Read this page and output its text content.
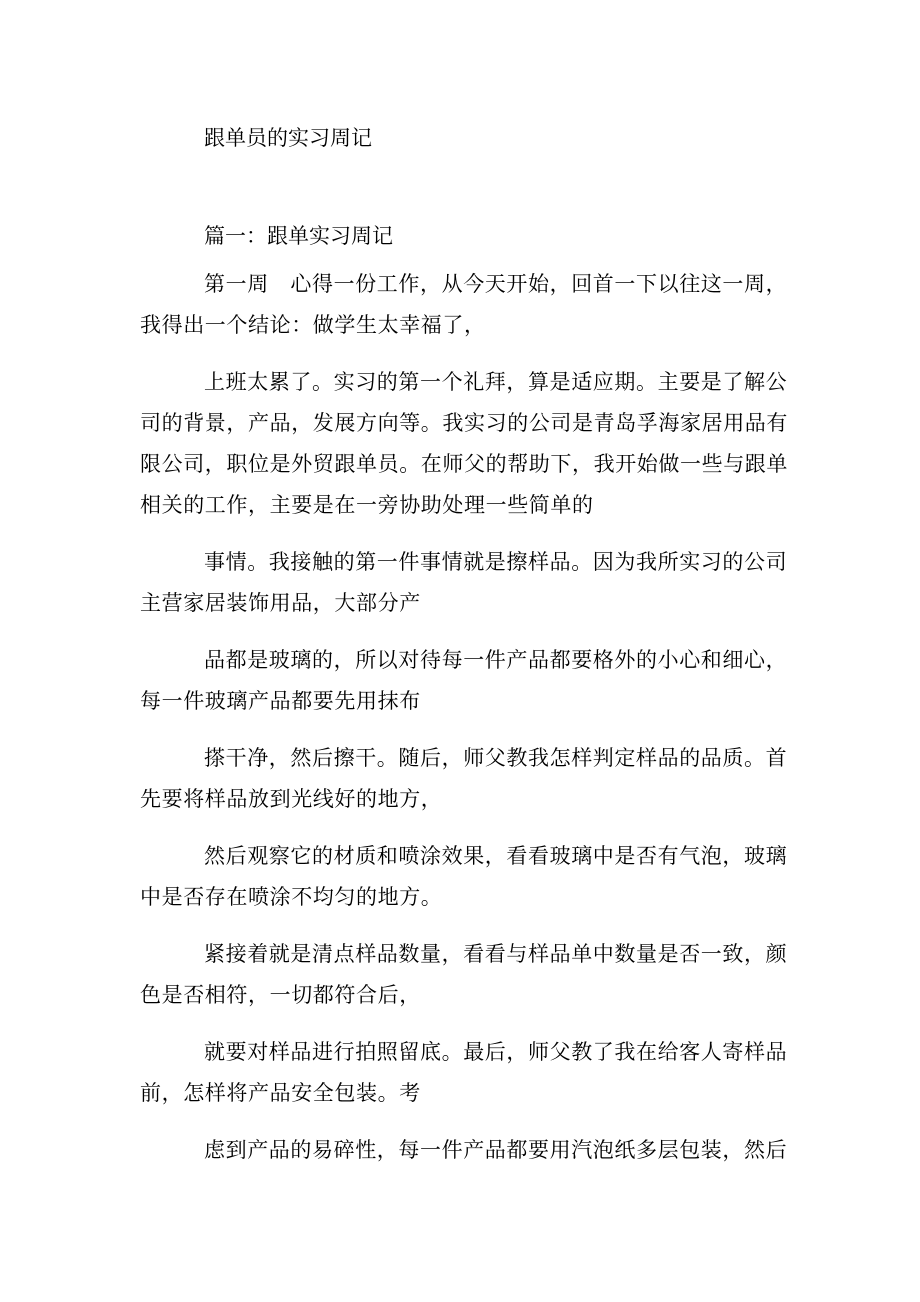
跟单员的实习周记
篇一：跟单实习周记

第一周　心得一份工作，从今天开始，回首一下以往这一周，
我得出一个结论：做学生太幸福了，

上班太累了。实习的第一个礼拜，算是适应期。主要是了解公
司的背景，产品，发展方向等。我实习的公司是青岛孚海家居用品有
限公司，职位是外贸跟单员。在师父的帮助下，我开始做一些与跟单
相关的工作，主要是在一旁协助处理一些简单的

事情。我接触的第一件事情就是擦样品。因为我所实习的公司
主营家居装饰用品，大部分产

品都是玻璃的，所以对待每一件产品都要格外的小心和细心，
每一件玻璃产品都要先用抹布

搽干净，然后擦干。随后，师父教我怎样判定样品的品质。首
先要将样品放到光线好的地方，

然后观察它的材质和喷涂效果，看看玻璃中是否有气泡，玻璃
中是否存在喷涂不均匀的地方。

紧接着就是清点样品数量，看看与样品单中数量是否一致，颜
色是否相符，一切都符合后，

就要对样品进行拍照留底。最后，师父教了我在给客人寄样品
前，怎样将产品安全包装。考

虑到产品的易碎性，每一件产品都要用汽泡纸多层包装，然后
